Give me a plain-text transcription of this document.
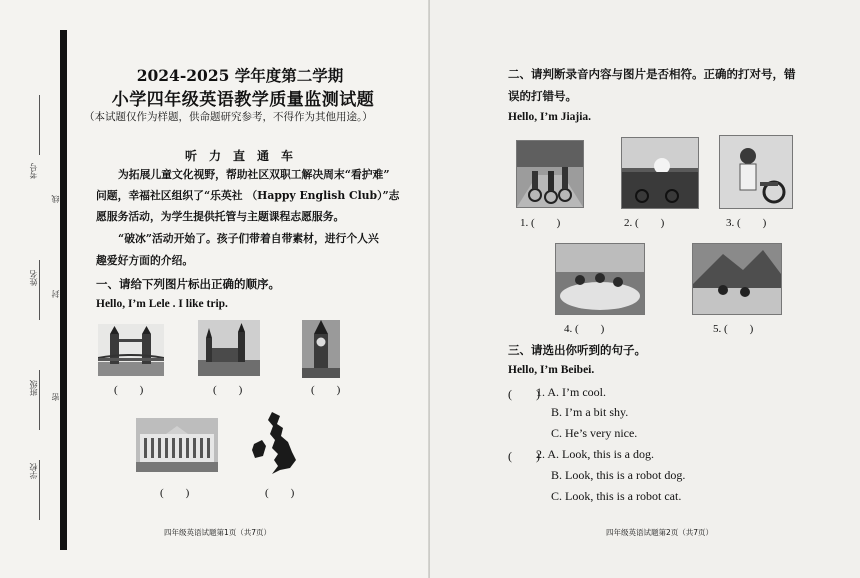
考号
线
姓名
封
班级
密
学校
2024-2025 学年度第二学期
小学四年级英语教学质量监测试题
（本试题仅作为样题，供命题研究参考，不得作为其他用途。）
听　力　直　通　车
为拓展儿童文化视野，帮助社区双职工解决周末“看护难”
问题，幸福社区组织了“乐英社 （Happy English Club）”志
愿服务活动，为学生提供托管与主题课程志愿服务。
“破冰”活动开始了。孩子们带着自带素材，进行个人兴
趣爱好方面的介绍。
一、请给下列图片标出正确的顺序。
Hello, I’m Lele . I like trip.
(　　)	(　　)	(　　)
(　　)	(　　)
四年级英语试题第1页（共7页）
二、请判断录音内容与图片是否相符。正确的打对号，错
误的打错号。
Hello, I’m Jiajia.
1. (　　)	2. (　　)	3. (　　)
4. (　　)	5. (　　)
三、请选出你听到的句子。
Hello, I’m Beibei.
(　　)
1. A. I’m cool.
B. I’m a bit shy.
C. He’s very nice.
(　　)
2. A. Look, this is a dog.
B. Look, this is a robot dog.
C. Look, this is a robot cat.
四年级英语试题第2页（共7页）
